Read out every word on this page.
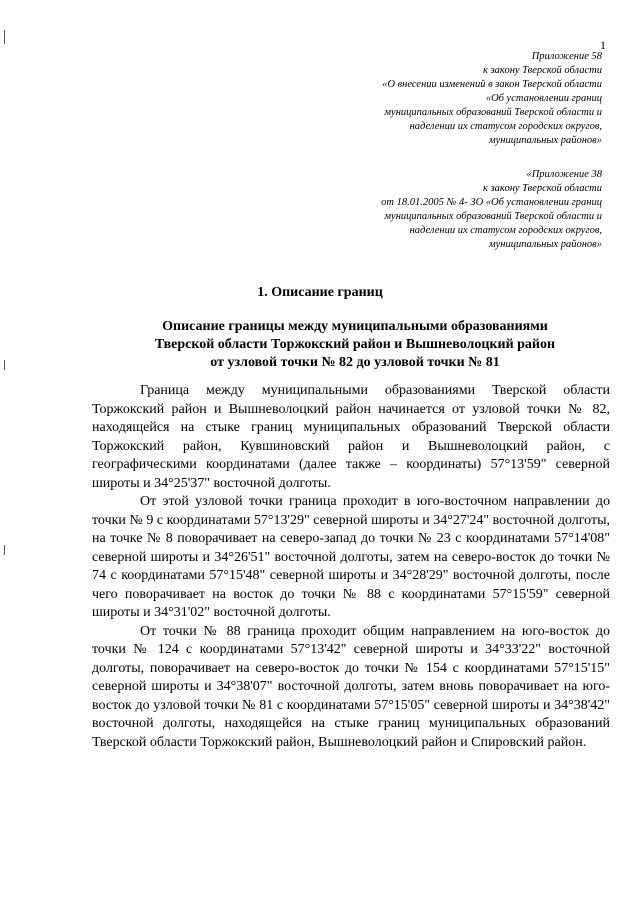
1
Приложение 58
к закону Тверской области
«О внесении изменений в закон Тверской области
«Об установлении границ
муниципальных образований Тверской области и
наделении их статусом городских округов,
муниципальных районов»
«Приложение 38
к закону Тверской области
от 18.01.2005 № 4- ЗО «Об установлении границ
муниципальных образований Тверской области и
наделении их статусом городских округов,
муниципальных районов»
1. Описание границ
Описание границы между муниципальными образованиями
Тверской области Торжокский район и Вышневолоцкий район
от узловой точки № 82 до узловой точки № 81

Граница между муниципальными образованиями Тверской области Торжокский район и Вышневолоцкий район начинается от узловой точки № 82, находящейся на стыке границ муниципальных образований Тверской области Торжокский район, Кувшиновский район и Вышневолоцкий район, с географическими координатами (далее также – координаты) 57°13'59" северной широты и 34°25'37" восточной долготы.

От этой узловой точки граница проходит в юго-восточном направлении до точки № 9 с координатами 57°13'29" северной широты и 34°27'24" восточной долготы, на точке № 8 поворачивает на северо-запад до точки № 23 с координатами 57°14'08" северной широты и 34°26'51" восточной долготы, затем на северо-восток до точки № 74 с координатами 57°15'48" северной широты и 34°28'29" восточной долготы, после чего поворачивает на восток до точки № 88 с координатами 57°15'59" северной широты и 34°31'02" восточной долготы.

От точки № 88 граница проходит общим направлением на юго-восток до точки № 124 с координатами 57°13'42" северной широты и 34°33'22" восточной долготы, поворачивает на северо-восток до точки № 154 с координатами 57°15'15" северной широты и 34°38'07" восточной долготы, затем вновь поворачивает на юго-восток до узловой точки № 81 с координатами 57°15'05" северной широты и 34°38'42" восточной долготы, находящейся на стыке границ муниципальных образований Тверской области Торжокский район, Вышневолоцкий район и Спировский район.
